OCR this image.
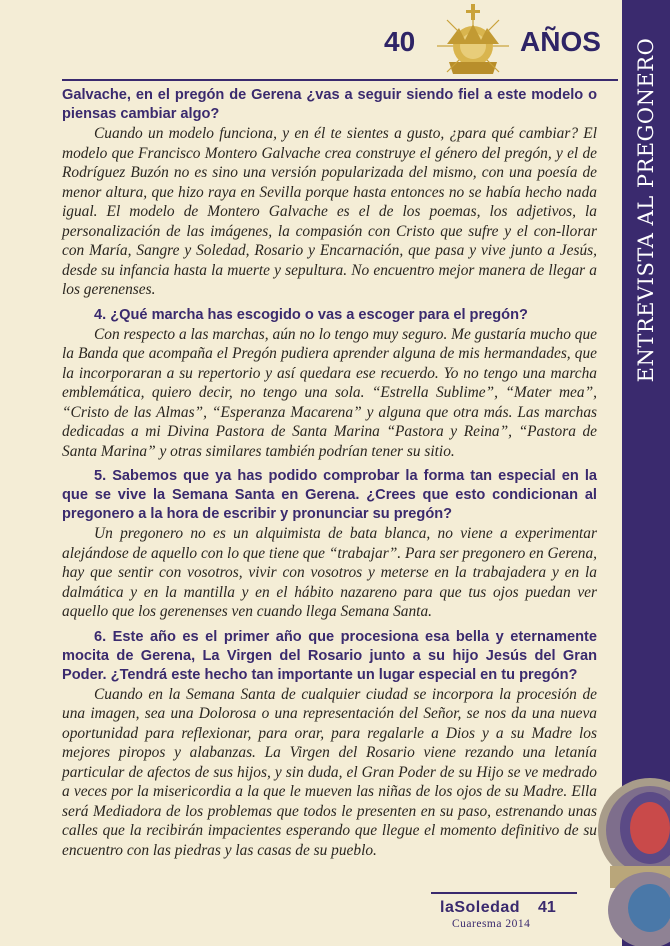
ENTREVISTA AL PREGONERO
40	AÑOS

Galvache, en el pregón de Gerena ¿vas a seguir siendo fiel a este modelo o piensas cambiar algo?

Cuando un modelo funciona, y en él te sientes a gusto, ¿para qué cambiar? El modelo que Francisco Montero Galvache crea construye el género del pregón, y el de Rodríguez Buzón no es sino una versión popularizada del mismo, con una poesía de menor altura, que hizo raya en Sevilla porque hasta entonces no se había hecho nada igual. El modelo de Montero Galvache es el de los poemas, los adjetivos, la personalización de las imágenes, la compasión con Cristo que sufre y el con-llorar con María, Sangre y Soledad, Rosario y Encarnación, que pasa y vive junto a Jesús, desde su infancia hasta la muerte y sepultura. No encuentro mejor manera de llegar a los gerenenses.

4. ¿Qué marcha has escogido o vas a escoger para el pregón?

Con respecto a las marchas, aún no lo tengo muy seguro. Me gustaría mucho que la Banda que acompaña el Pregón pudiera aprender alguna de mis hermandades, que la incorporaran a su repertorio y así quedara ese recuerdo. Yo no tengo una marcha emblemática, quiero decir, no tengo una sola. “Estrella Sublime”, “Mater mea”, “Cristo de las Almas”, “Esperanza Macarena” y alguna que otra más. Las marchas dedicadas a mi Divina Pastora de Santa Marina “Pastora y Reina”, “Pastora de Santa Marina” y otras similares también podrían tener su sitio.

5. Sabemos que ya has podido comprobar la forma tan especial en la que se vive la Semana Santa en Gerena. ¿Crees que esto condicionan al pregonero a la hora de escribir y pronunciar su pregón?

Un pregonero no es un alquimista de bata blanca, no viene a experimentar alejándose de aquello con lo que tiene que “trabajar”. Para ser pregonero en Gerena, hay que sentir con vosotros, vivir con vosotros y meterse en la trabajadera y en la dalmática y en la mantilla y en el hábito nazareno para que tus ojos puedan ver aquello que los gerenenses ven cuando llega Semana Santa.

6. Este año es el primer año que procesiona esa bella y eternamente mocita de Gerena, La Virgen del Rosario junto a su hijo Jesús del Gran Poder. ¿Tendrá este hecho tan importante un lugar especial en tu pregón?

Cuando en la Semana Santa de cualquier ciudad se incorpora la procesión de una imagen, sea una Dolorosa o una representación del Señor, se nos da una nueva oportunidad para reflexionar, para orar, para regalarle a Dios y a su Madre los mejores piropos y alabanzas. La Virgen del Rosario viene rezando una letanía particular de afectos de sus hijos, y sin duda, el Gran Poder de su Hijo se ve medrado a veces por la misericordia a la que le mueven las niñas de los ojos de su Madre. Ella será Mediadora de los problemas que todos le presenten en su paso, estrenando unas calles que la recibirán impacientes esperando que llegue el momento definitivo de su encuentro con las piedras y las casas de su pueblo.

laSoledad
Cuaresma 2014
41
